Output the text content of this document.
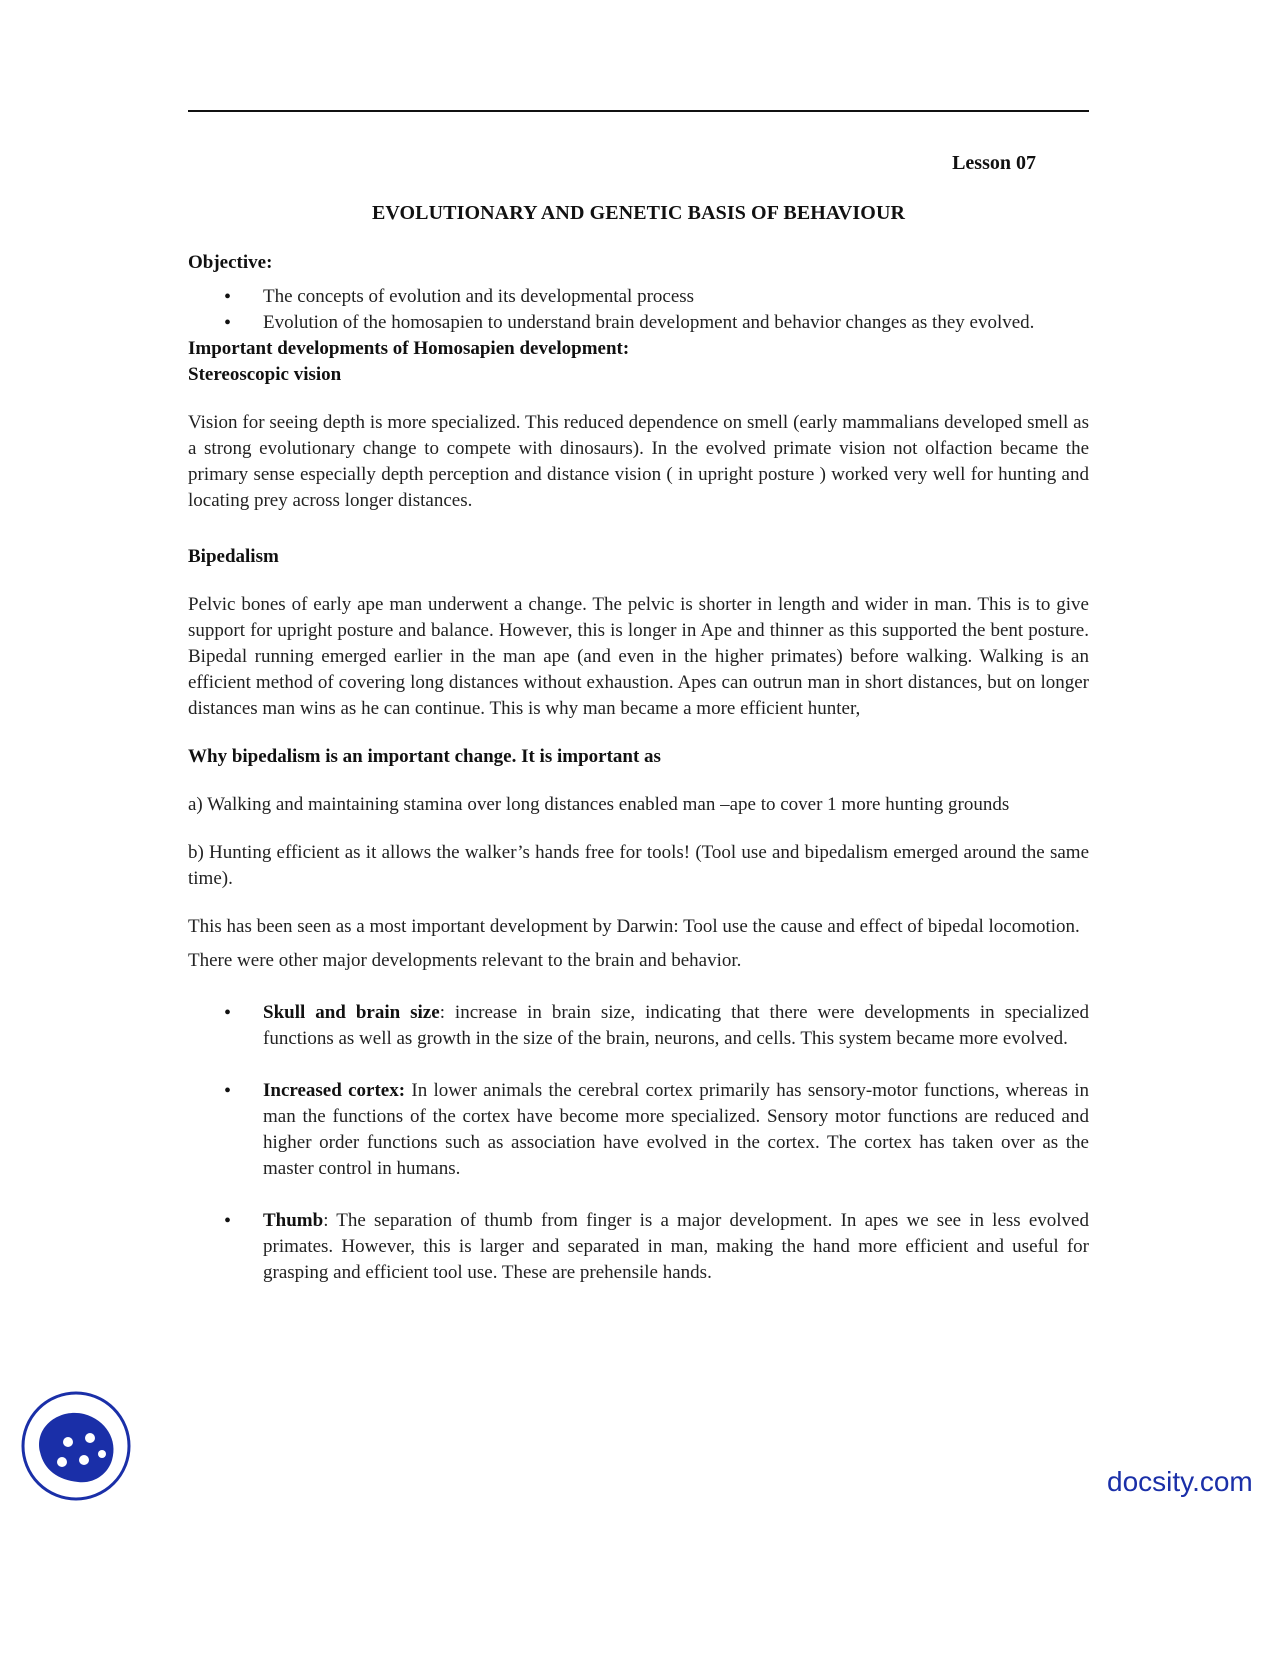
Lesson 07
EVOLUTIONARY AND GENETIC BASIS OF BEHAVIOUR
Objective:
• The concepts of evolution and its developmental process
• Evolution of the homosapien to understand brain development and behavior changes as they evolved.
Important developments of Homosapien development:
Stereoscopic vision

Vision for seeing depth is more specialized. This reduced dependence on smell (early mammalians developed smell as a strong evolutionary change to compete with dinosaurs). In the evolved primate vision not olfaction became the primary sense especially depth perception and distance vision ( in upright posture ) worked very well for hunting and locating prey across longer distances.

Bipedalism

Pelvic bones of early ape man underwent a change. The pelvic is shorter in length and wider in man. This is to give support for upright posture and balance. However, this is longer in Ape and thinner as this supported the bent posture. Bipedal running emerged earlier in the man ape (and even in the higher primates) before walking. Walking is an efficient method of covering long distances without exhaustion. Apes can outrun man in short distances, but on longer distances man wins as he can continue. This is why man became a more efficient hunter,

Why bipedalism is an important change. It is important as

a) Walking and maintaining stamina over long distances enabled man –ape to cover 1 more hunting grounds

b) Hunting efficient as it allows the walker’s hands free for tools! (Tool use and bipedalism emerged around the same time).

This has been seen as a most important development by Darwin: Tool use the cause and effect of bipedal locomotion.

There were other major developments relevant to the brain and behavior.

• Skull and brain size: increase in brain size, indicating that there were developments in specialized functions as well as growth in the size of the brain, neurons, and cells. This system became more evolved.
• Increased cortex: In lower animals the cerebral cortex primarily has sensory-motor functions, whereas in man the functions of the cortex have become more specialized. Sensory motor functions are reduced and higher order functions such as association have evolved in the cortex. The cortex has taken over as the master control in humans.
• Thumb: The separation of thumb from finger is a major development. In apes we see in less evolved primates. However, this is larger and separated in man, making the hand more efficient and useful for grasping and efficient tool use. These are prehensile hands.
docsity.com
